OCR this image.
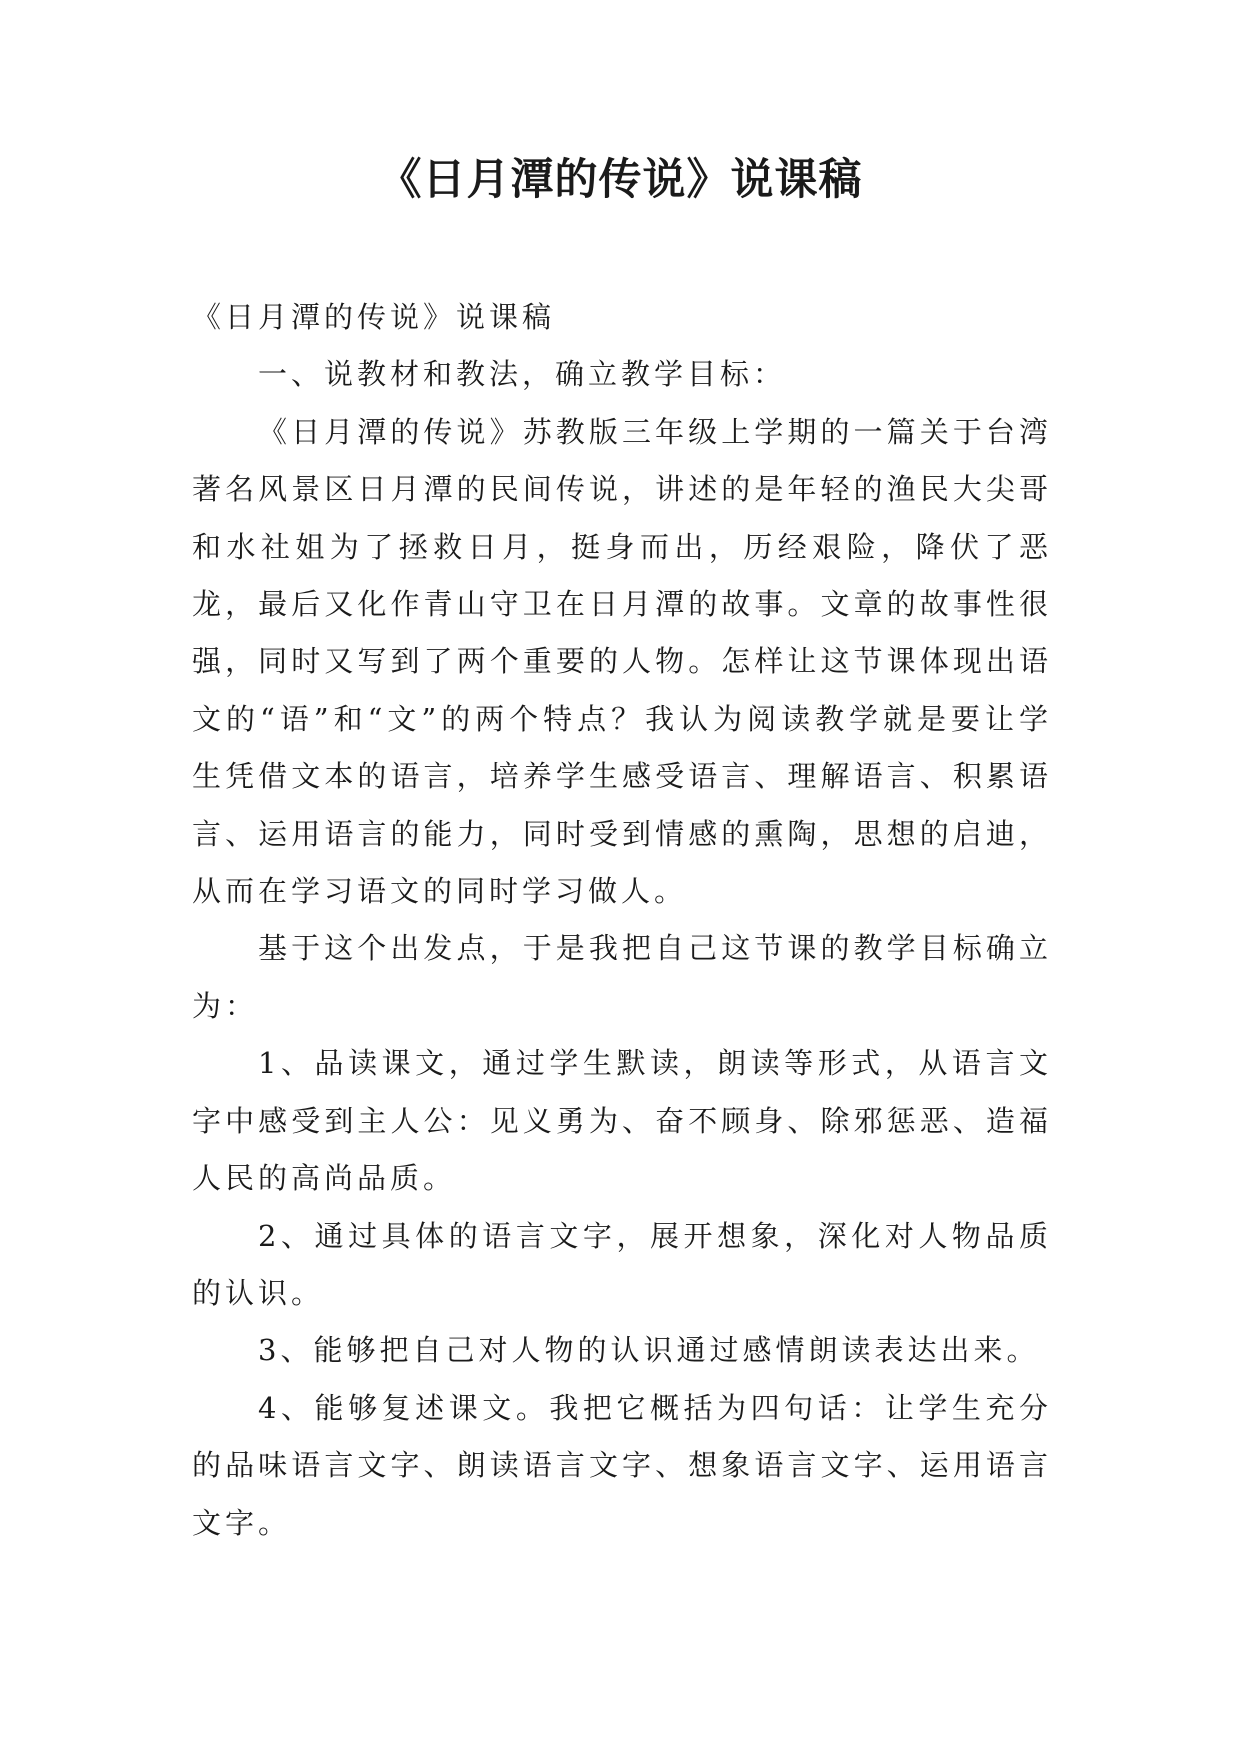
《日月潭的传说》说课稿

《日月潭的传说》说课稿

一、说教材和教法，确立教学目标：

《日月潭的传说》苏教版三年级上学期的一篇关于台湾著名风景区日月潭的民间传说，讲述的是年轻的渔民大尖哥和水社姐为了拯救日月，挺身而出，历经艰险，降伏了恶龙，最后又化作青山守卫在日月潭的故事。文章的故事性很强，同时又写到了两个重要的人物。怎样让这节课体现出语文的“语”和“文”的两个特点？我认为阅读教学就是要让学生凭借文本的语言，培养学生感受语言、理解语言、积累语言、运用语言的能力，同时受到情感的熏陶，思想的启迪，从而在学习语文的同时学习做人。

基于这个出发点，于是我把自己这节课的教学目标确立为：

1、品读课文，通过学生默读，朗读等形式，从语言文字中感受到主人公：见义勇为、奋不顾身、除邪惩恶、造福人民的高尚品质。

2、通过具体的语言文字，展开想象，深化对人物品质的认识。

3、能够把自己对人物的认识通过感情朗读表达出来。

4、能够复述课文。我把它概括为四句话：让学生充分的品味语言文字、朗读语言文字、想象语言文字、运用语言文字。
